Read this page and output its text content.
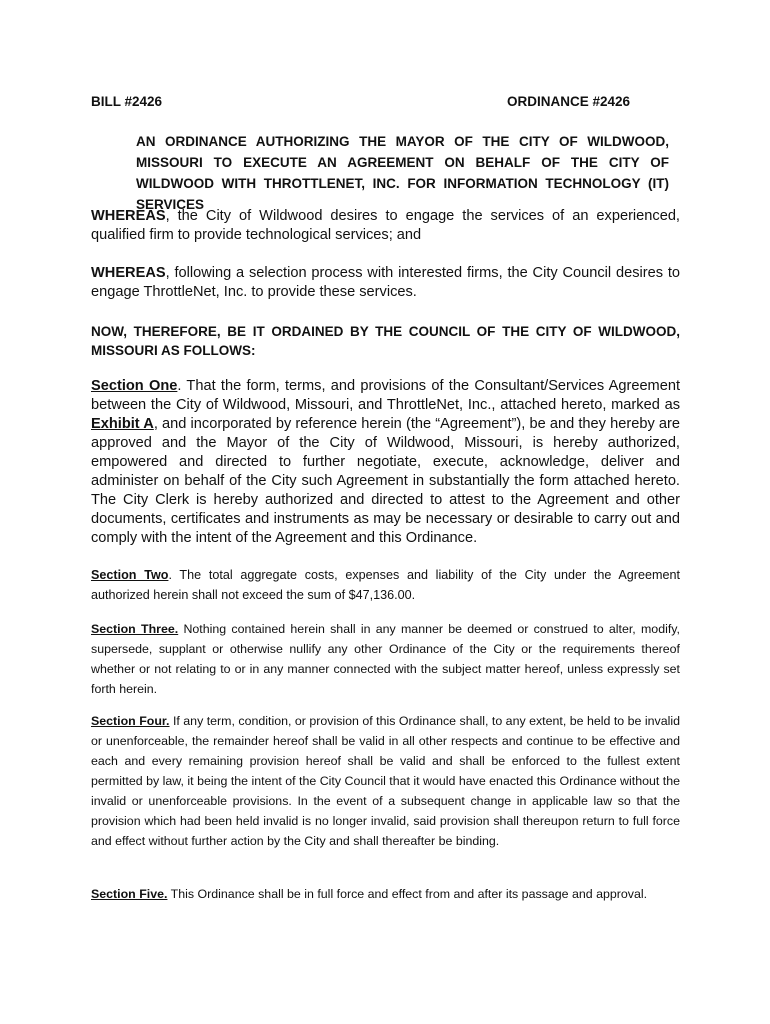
BILL #2426	ORDINANCE #2426
AN ORDINANCE AUTHORIZING THE MAYOR OF THE CITY OF WILDWOOD, MISSOURI TO EXECUTE AN AGREEMENT ON BEHALF OF THE CITY OF WILDWOOD WITH THROTTLENET, INC. FOR INFORMATION TECHNOLOGY (IT) SERVICES

WHEREAS, the City of Wildwood desires to engage the services of an experienced, qualified firm to provide technological services; and

WHEREAS, following a selection process with interested firms, the City Council desires to engage ThrottleNet, Inc. to provide these services.

NOW, THEREFORE, BE IT ORDAINED BY THE COUNCIL OF THE CITY OF WILDWOOD, MISSOURI AS FOLLOWS:

Section One. That the form, terms, and provisions of the Consultant/Services Agreement between the City of Wildwood, Missouri, and ThrottleNet, Inc., attached hereto, marked as Exhibit A, and incorporated by reference herein (the “Agreement”), be and they hereby are approved and the Mayor of the City of Wildwood, Missouri, is hereby authorized, empowered and directed to further negotiate, execute, acknowledge, deliver and administer on behalf of the City such Agreement in substantially the form attached hereto. The City Clerk is hereby authorized and directed to attest to the Agreement and other documents, certificates and instruments as may be necessary or desirable to carry out and comply with the intent of the Agreement and this Ordinance.

Section Two. The total aggregate costs, expenses and liability of the City under the Agreement authorized herein shall not exceed the sum of $47,136.00.

Section Three. Nothing contained herein shall in any manner be deemed or construed to alter, modify, supersede, supplant or otherwise nullify any other Ordinance of the City or the requirements thereof whether or not relating to or in any manner connected with the subject matter hereof, unless expressly set forth herein.

Section Four. If any term, condition, or provision of this Ordinance shall, to any extent, be held to be invalid or unenforceable, the remainder hereof shall be valid in all other respects and continue to be effective and each and every remaining provision hereof shall be valid and shall be enforced to the fullest extent permitted by law, it being the intent of the City Council that it would have enacted this Ordinance without the invalid or unenforceable provisions. In the event of a subsequent change in applicable law so that the provision which had been held invalid is no longer invalid, said provision shall thereupon return to full force and effect without further action by the City and shall thereafter be binding.

Section Five. This Ordinance shall be in full force and effect from and after its passage and approval.
